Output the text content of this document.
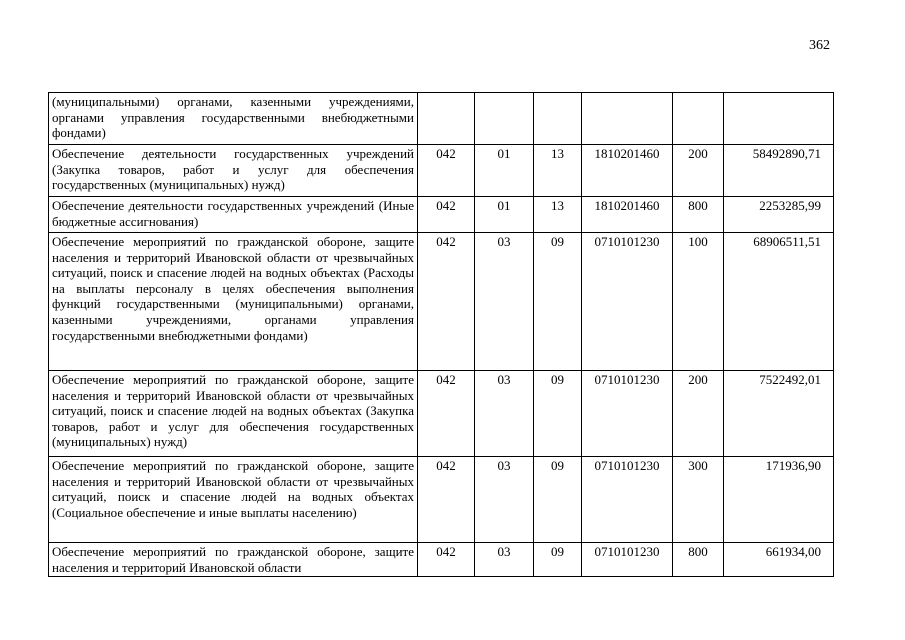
362
(муниципальными) органами, казенными учреждениями, органами управления государственными внебюджетными фондами)						
Обеспечение деятельности государственных учреждений (Закупка товаров, работ и услуг для обеспечения государственных (муниципальных) нужд)	042	01	13	1810201460	200	58492890,71
Обеспечение деятельности государственных учреждений (Иные бюджетные ассигнования)	042	01	13	1810201460	800	2253285,99
Обеспечение мероприятий по гражданской обороне, защите населения и территорий Ивановской области от чрезвычайных ситуаций, поиск и спасение людей на водных объектах (Расходы на выплаты персоналу в целях обеспечения выполнения функций государственными (муниципальными) органами, казенными учреждениями, органами управления государственными внебюджетными фондами)	042	03	09	0710101230	100	68906511,51
Обеспечение мероприятий по гражданской обороне, защите населения и территорий Ивановской области от чрезвычайных ситуаций, поиск и спасение людей на водных объектах (Закупка товаров, работ и услуг для обеспечения государственных (муниципальных) нужд)	042	03	09	0710101230	200	7522492,01
Обеспечение мероприятий по гражданской обороне, защите населения и территорий Ивановской области от чрезвычайных ситуаций, поиск и спасение людей на водных объектах (Социальное обеспечение и иные выплаты населению)	042	03	09	0710101230	300	171936,90
Обеспечение мероприятий по гражданской обороне, защите населения и территорий Ивановской области	042	03	09	0710101230	800	661934,00
